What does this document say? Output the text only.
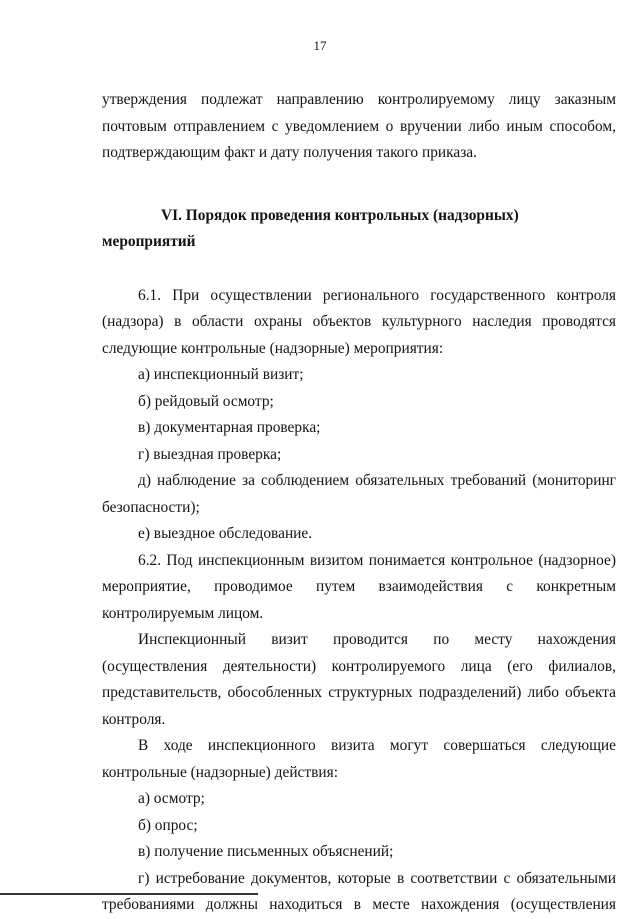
17

утверждения подлежат направлению контролируемому лицу заказным почтовым отправлением с уведомлением о вручении либо иным способом, подтверждающим факт и дату получения такого приказа.

VI. Порядок проведения контрольных (надзорных) мероприятий

6.1. При осуществлении регионального государственного контроля (надзора) в области охраны объектов культурного наследия проводятся следующие контрольные (надзорные) мероприятия:

а) инспекционный визит;

б) рейдовый осмотр;

в) документарная проверка;

г) выездная проверка;

д) наблюдение за соблюдением обязательных требований (мониторинг безопасности);

е) выездное обследование.

6.2. Под инспекционным визитом понимается контрольное (надзорное) мероприятие, проводимое путем взаимодействия с конкретным контролируемым лицом.

Инспекционный визит проводится по месту нахождения (осуществления деятельности) контролируемого лица (его филиалов, представительств, обособленных структурных подразделений) либо объекта контроля.

В ходе инспекционного визита могут совершаться следующие контрольные (надзорные) действия:

а) осмотр;

б) опрос;

в) получение письменных объяснений;

г) истребование документов, которые в соответствии с обязательными требованиями должны находиться в месте нахождения (осуществления
